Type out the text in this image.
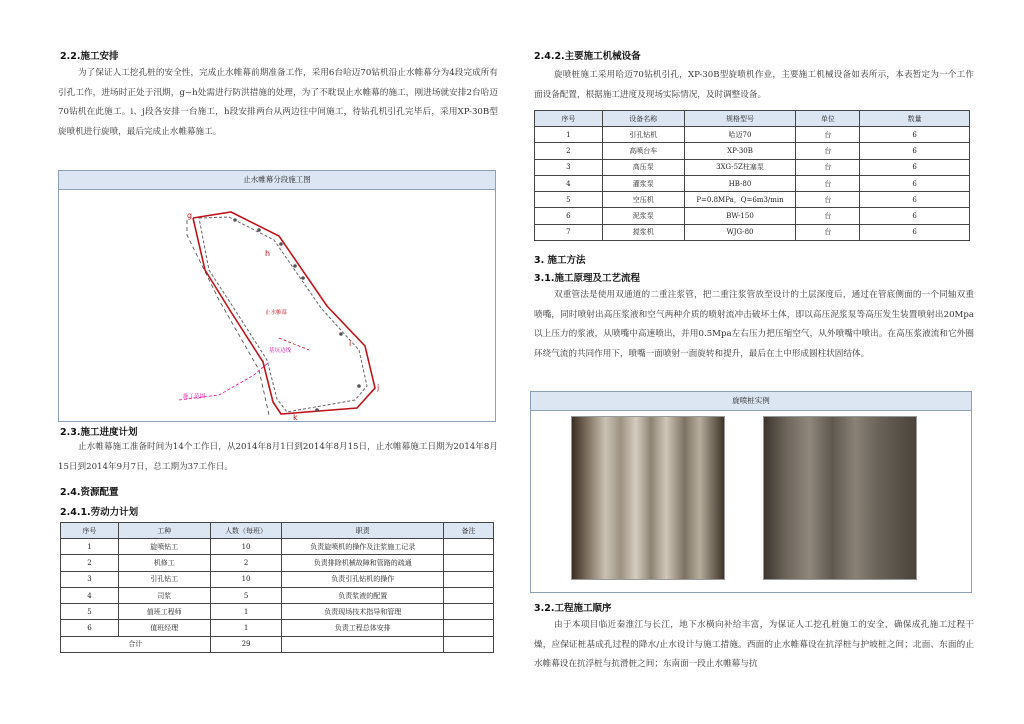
2.2.施工安排
为了保证人工挖孔桩的安全性，完成止水帷幕前期准备工作，采用6台哈迈70钻机沿止水帷幕分为4段完成所有引孔工作，进场时正处于汛期，g~h处需进行防洪措施的处理，为了不耽误止水帷幕的施工，刚进场就安排2台哈迈70钻机在此施工。i、j段各安排一台施工，h段安排两台从两边往中间施工，待钻孔机引孔完毕后，采用XP-30B型旋喷机进行旋喷，最后完成止水帷幕施工。
止水帷幕分段施工图
g
h
i
j
k
止水帷幕
基坑边线
施工范围
2.3.施工进度计划
止水帷幕施工准备时间为14个工作日，从2014年8月1日到2014年8月15日，止水帷幕施工日期为2014年8月15日到2014年9月7日，总工期为37工作日。
2.4.资源配置
2.4.1.劳动力计划
序号	工种	人数（每班）	职责	备注
1	旋喷钻工	10	负责旋喷机的操作及注浆施工记录	
2	机修工	2	负责排除机械故障和管路的疏通	
3	引孔钻工	10	负责引孔钻机的操作	
4	司浆	5	负责浆液的配置	
5	值班工程师	1	负责现场技术指导和管理	
6	值班经理	1	负责工程总体安排	
合计		29		
2.4.2.主要施工机械设备
旋喷桩施工采用哈迈70钻机引孔，XP-30B型旋喷机作业，主要施工机械设备如表所示，本表暂定为一个工作面设备配置，根据施工进度及现场实际情况，及时调整设备。
序号	设备名称	规格型号	单位	数量
1	引孔钻机	哈迈70	台	6
2	高喷台车	XP-30B	台	6
3	高压泵	3XG-5Z柱塞泵	台	6
4	灌浆泵	HB-80	台	6
5	空压机	P=0.8MPa，Q=6m3/min	台	6
6	泥浆泵	BW-150	台	6
7	搅浆机	WJG-80	台	6
3. 施工方法
3.1.施工原理及工艺流程
双重管法是使用双通道的二重注浆管，把二重注浆管放至设计的土层深度后，通过在管底侧面的一个同轴双重喷嘴，同时喷射出高压浆液和空气两种介质的喷射流冲击破坏土体，即以高压泥浆泵等高压发生装置喷射出20Mpa以上压力的浆液，从喷嘴中高速喷出，并用0.5Mpa左右压力把压缩空气，从外喷嘴中喷出。在高压浆液流和它外圈环绕气流的共同作用下，喷嘴一面喷射一面旋转和提升，最后在土中形成圆柱状固结体。
旋喷桩实例
3.2.工程施工顺序
由于本项目临近秦淮江与长江，地下水横向补给丰富，为保证人工挖孔桩施工的安全，确保成孔施工过程干燥，应保证桩基成孔过程的降水/止水设计与施工措施。西面的止水帷幕设在抗浮桩与护坡桩之间；北面、东面的止水帷幕设在抗浮桩与抗滑桩之间；东南面一段止水帷幕与抗
